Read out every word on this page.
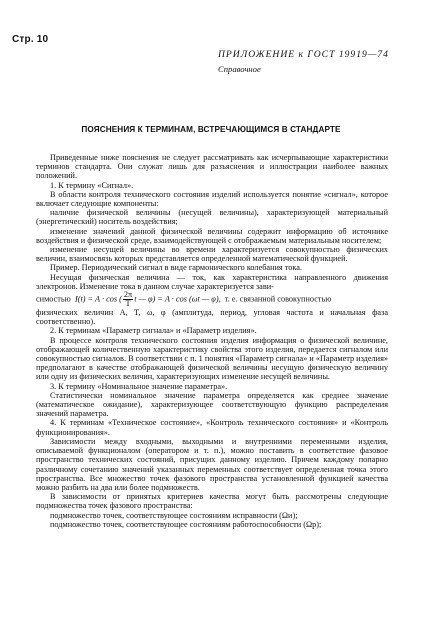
Стр. 10
ПРИЛОЖЕНИЕ к ГОСТ 19919—74
Справочное
ПОЯСНЕНИЯ К ТЕРМИНАМ, ВСТРЕЧАЮЩИМСЯ В СТАНДАРТЕ

Приведенные ниже пояснения не следует рассматривать как исчерпывающие характеристики терминов стандарта. Они служат лишь для разъяснения и иллюстрации наиболее важных положений.

1. К термину «Сигнал».

В области контроля технического состояния изделий используется понятие «сигнал», которое включает следующие компоненты:

наличие физической величины (несущей величины), характеризующей материальный (энергетический) носитель воздействия;

изменение значений данной физической величины содержит информацию об источнике воздействия и физической среде, взаимодействующей с отображаемым материальным носителем;

изменение несущей величины во времени характеризуется совокупностью физических величин, взаимосвязь которых представляется определенной математической функцией.

Пример. Периодический сигнал в виде гармонического колебания тока.

Несущая физическая величина — ток, как характеристика направленного движения электронов. Изменение тока в данном случае характеризуется зави-

симостью I(t) = A · cos ( $\frac{2\pi}{T}$ t — φ) = A · cos (ωt — φ), т. е. связанной совокупностью

физических величин A, T, ω, φ (амплитуда, период, угловая частота и начальная фаза соответственно).

2. К терминам «Параметр сигнала» и «Параметр изделия».

В процессе контроля технического состояния изделия информация о физической величине, отображающей количественную характеристику свойства этого изделия, передается сигналом или совокупностью сигналов. В соответствии с п. 1 понятия «Параметр сигнала» и «Параметр изделия» предполагают в качестве отображающей физической величины несущую физическую величину или одну из физических величин, характеризующих изменение несущей величины.

3. К термину «Номинальное значение параметра».

Статистически номинальное значение параметра определяется как среднее значение (математическое ожидание), характеризующее соответствующую функцию распределения значений параметра.

4. К терминам «Техническое состояние», «Контроль технического состояния» и «Контроль функционирования».

Зависимости между входными, выходными и внутренними переменными изделия, описываемой функционалом (оператором и т. п.), можно поставить в соответствие фазовое пространство технических состояний, присущих данному изделию. Причем каждому попарно различному сочетанию значений указанных переменных соответствует определенная точка этого пространства. Все множество точек фазового пространства установленной функцией качества можно разбить на два или более подмножеств.

В зависимости от принятых критериев качества могут быть рассмотрены следующие подмножества точек фазового пространства:

подмножество точек, соответствующее состояниям исправности (Ωи);

подмножество точек, соответствующее состояниям работоспособности (Ωр);
